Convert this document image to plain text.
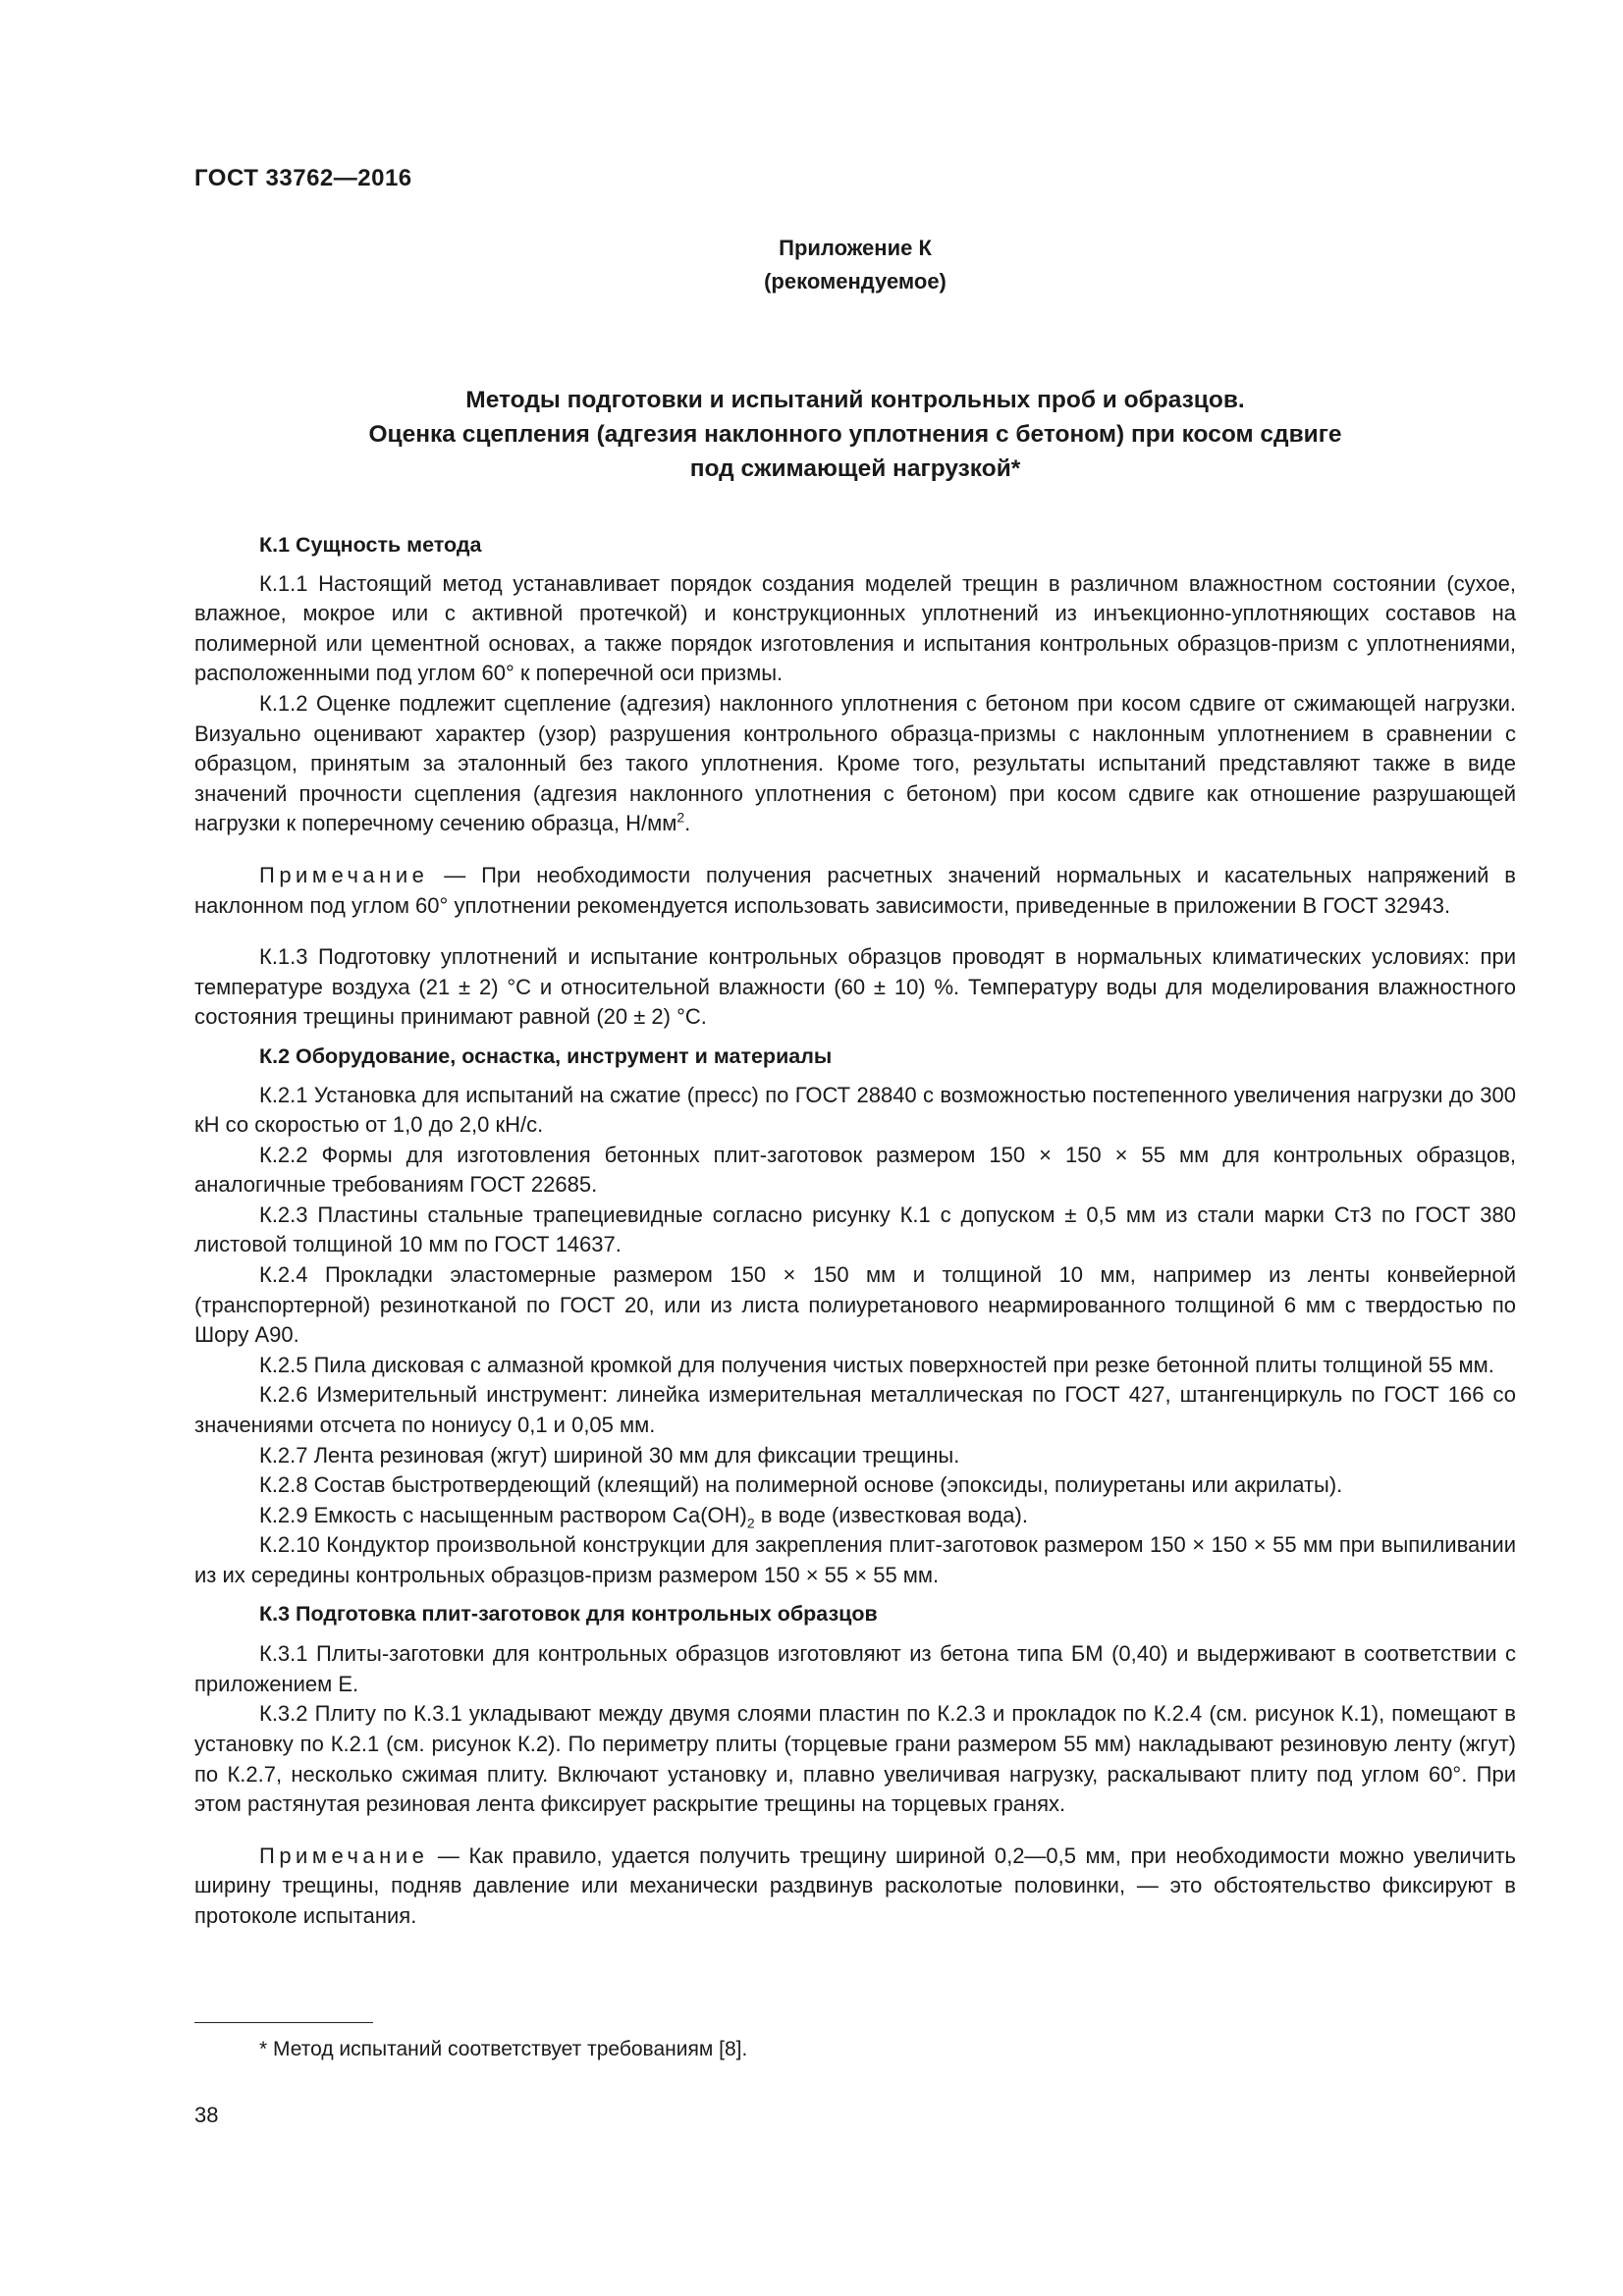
ГОСТ 33762—2016
Приложение К
(рекомендуемое)
Методы подготовки и испытаний контрольных проб и образцов.
Оценка сцепления (адгезия наклонного уплотнения с бетоном) при косом сдвиге
под сжимающей нагрузкой*
К.1 Сущность метода

К.1.1 Настоящий метод устанавливает порядок создания моделей трещин в различном влажностном состоянии (сухое, влажное, мокрое или с активной протечкой) и конструкционных уплотнений из инъекционно-уплотняющих составов на полимерной или цементной основах, а также порядок изготовления и испытания контрольных образцов-призм с уплотнениями, расположенными под углом 60° к поперечной оси призмы.

К.1.2 Оценке подлежит сцепление (адгезия) наклонного уплотнения с бетоном при косом сдвиге от сжимающей нагрузки. Визуально оценивают характер (узор) разрушения контрольного образца-призмы с наклонным уплотнением в сравнении с образцом, принятым за эталонный без такого уплотнения. Кроме того, результаты испытаний представляют также в виде значений прочности сцепления (адгезия наклонного уплотнения с бетоном) при косом сдвиге как отношение разрушающей нагрузки к поперечному сечению образца, $Н/мм^2$.

Примечание — При необходимости получения расчетных значений нормальных и касательных напряжений в наклонном под углом 60° уплотнении рекомендуется использовать зависимости, приведенные в приложении В ГОСТ 32943.

К.1.3 Подготовку уплотнений и испытание контрольных образцов проводят в нормальных климатических условиях: при температуре воздуха (21 ± 2) °С и относительной влажности (60 ± 10) %. Температуру воды для моделирования влажностного состояния трещины принимают равной (20 ± 2) °С.

К.2 Оборудование, оснастка, инструмент и материалы

К.2.1 Установка для испытаний на сжатие (пресс) по ГОСТ 28840 с возможностью постепенного увеличения нагрузки до 300 кН со скоростью от 1,0 до 2,0 кН/с.

К.2.2 Формы для изготовления бетонных плит-заготовок размером 150 × 150 × 55 мм для контрольных образцов, аналогичные требованиям ГОСТ 22685.

К.2.3 Пластины стальные трапециевидные согласно рисунку К.1 с допуском ± 0,5 мм из стали марки Ст3 по ГОСТ 380 листовой толщиной 10 мм по ГОСТ 14637.

К.2.4 Прокладки эластомерные размером 150 × 150 мм и толщиной 10 мм, например из ленты конвейерной (транспортерной) резинотканой по ГОСТ 20, или из листа полиуретанового неармированного толщиной 6 мм с твердостью по Шору А90.

К.2.5 Пила дисковая с алмазной кромкой для получения чистых поверхностей при резке бетонной плиты толщиной 55 мм.

К.2.6 Измерительный инструмент: линейка измерительная металлическая по ГОСТ 427, штангенциркуль по ГОСТ 166 со значениями отсчета по нониусу 0,1 и 0,05 мм.

К.2.7 Лента резиновая (жгут) шириной 30 мм для фиксации трещины.

К.2.8 Состав быстротвердеющий (клеящий) на полимерной основе (эпоксиды, полиуретаны или акрилаты).

К.2.9 Емкость с насыщенным раствором $Са(ОН)_2$ в воде (известковая вода).

К.2.10 Кондуктор произвольной конструкции для закрепления плит-заготовок размером 150 × 150 × 55 мм при выпиливании из их середины контрольных образцов-призм размером 150 × 55 × 55 мм.

К.3 Подготовка плит-заготовок для контрольных образцов

К.3.1 Плиты-заготовки для контрольных образцов изготовляют из бетона типа БМ (0,40) и выдерживают в соответствии с приложением Е.

К.3.2 Плиту по К.3.1 укладывают между двумя слоями пластин по К.2.3 и прокладок по К.2.4 (см. рисунок К.1), помещают в установку по К.2.1 (см. рисунок К.2). По периметру плиты (торцевые грани размером 55 мм) накладывают резиновую ленту (жгут) по К.2.7, несколько сжимая плиту. Включают установку и, плавно увеличивая нагрузку, раскалывают плиту под углом 60°. При этом растянутая резиновая лента фиксирует раскрытие трещины на торцевых гранях.

Примечание — Как правило, удается получить трещину шириной 0,2—0,5 мм, при необходимости можно увеличить ширину трещины, подняв давление или механически раздвинув расколотые половинки, — это обстоятельство фиксируют в протоколе испытания.

* Метод испытаний соответствует требованиям [8].
38
